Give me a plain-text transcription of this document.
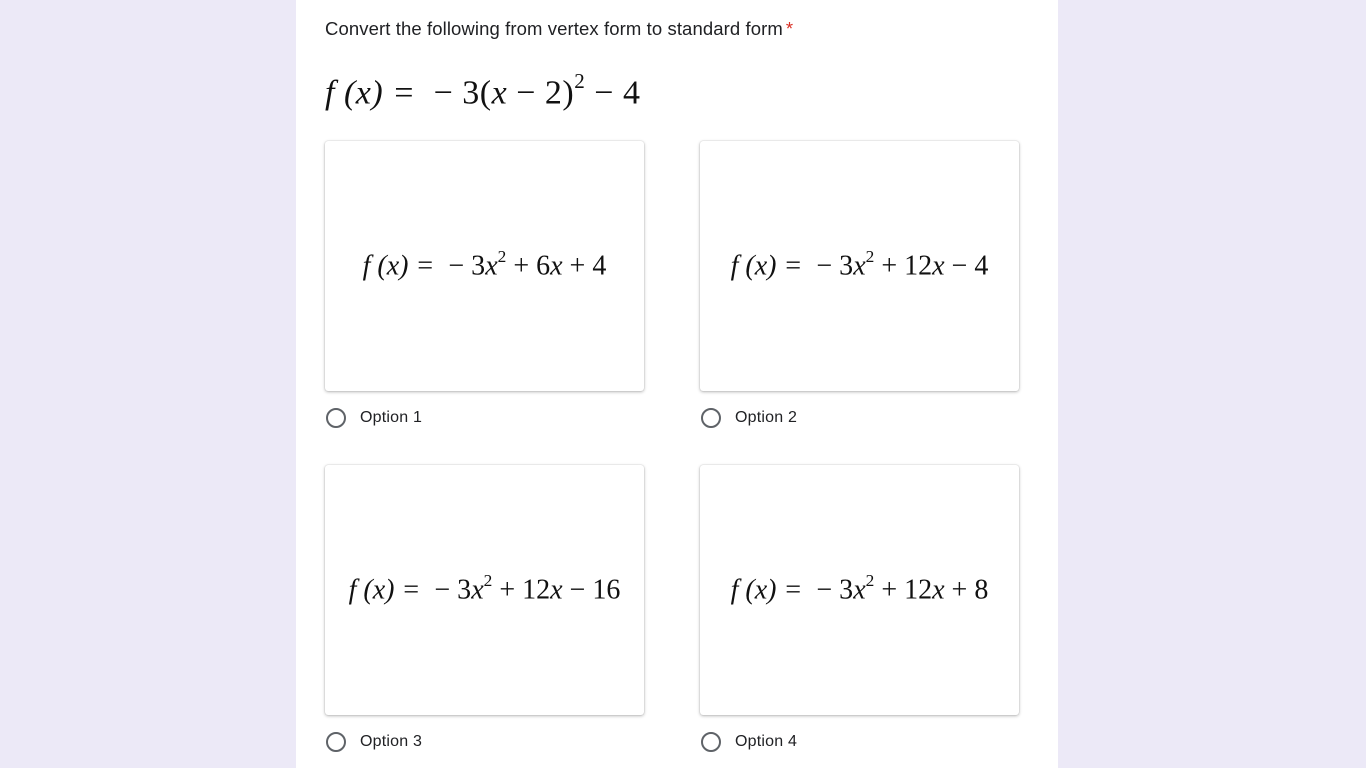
Convert the following from vertex form to standard form *
f (x) = − $3(x - 2)^2 - 4$
f (x) = − $3x^2 + 6x + 4$
Option 1
f (x) = − $3x^2 + 12x - 4$
Option 2
f (x) = − $3x^2 + 12x - 16$
Option 3
f (x) = − $3x^2 + 12x + 8$
Option 4
